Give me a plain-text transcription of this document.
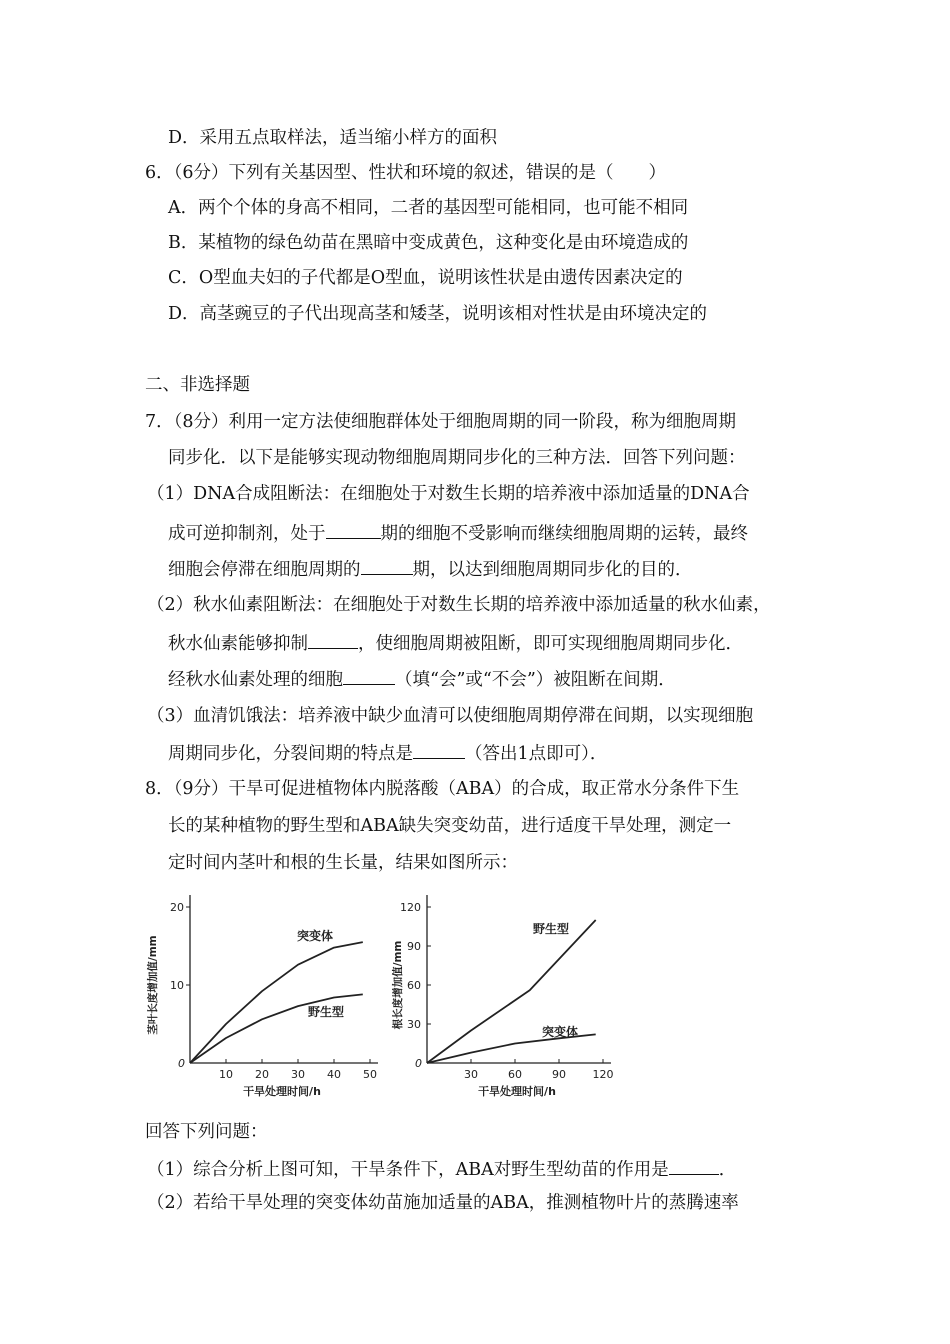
D．采用五点取样法，适当缩小样方的面积
6．（6分）下列有关基因型、性状和环境的叙述，错误的是（　　）
A．两个个体的身高不相同，二者的基因型可能相同，也可能不相同
B．某植物的绿色幼苗在黑暗中变成黄色，这种变化是由环境造成的
C．O型血夫妇的子代都是O型血，说明该性状是由遗传因素决定的
D．高茎豌豆的子代出现高茎和矮茎，说明该相对性状是由环境决定的
二、非选择题
7．（8分）利用一定方法使细胞群体处于细胞周期的同一阶段，称为细胞周期
同步化．以下是能够实现动物细胞周期同步化的三种方法．回答下列问题：
（1）DNA合成阻断法：在细胞处于对数生长期的培养液中添加适量的DNA合
成可逆抑制剂，处于	期的细胞不受影响而继续细胞周期的运转，最终
细胞会停滞在细胞周期的	期，以达到细胞周期同步化的目的．
（2）秋水仙素阻断法：在细胞处于对数生长期的培养液中添加适量的秋水仙素，
秋水仙素能够抑制	，使细胞周期被阻断，即可实现细胞周期同步化．
经秋水仙素处理的细胞	（填“会”或“不会”）被阻断在间期．
（3）血清饥饿法：培养液中缺少血清可以使细胞周期停滞在间期，以实现细胞
周期同步化，分裂间期的特点是	（答出1点即可）．
8．（9分）干旱可促进植物体内脱落酸（ABA）的合成，取正常水分条件下生
长的某种植物的野生型和ABA缺失突变幼苗，进行适度干旱处理，测定一
定时间内茎叶和根的生长量，结果如图所示：
0
10
20
10 20 30 40 50
干旱处理时间/h
茎叶长度增加值/mm	突变体
野生型
0
30
60
90
120
30	60	90 120
干旱处理时间/h
根长度增加值/mm
野生型
突变体
回答下列问题：
（1）综合分析上图可知，干旱条件下，ABA对野生型幼苗的作用是	．
（2）若给干旱处理的突变体幼苗施加适量的ABA，推测植物叶片的蒸腾速率
